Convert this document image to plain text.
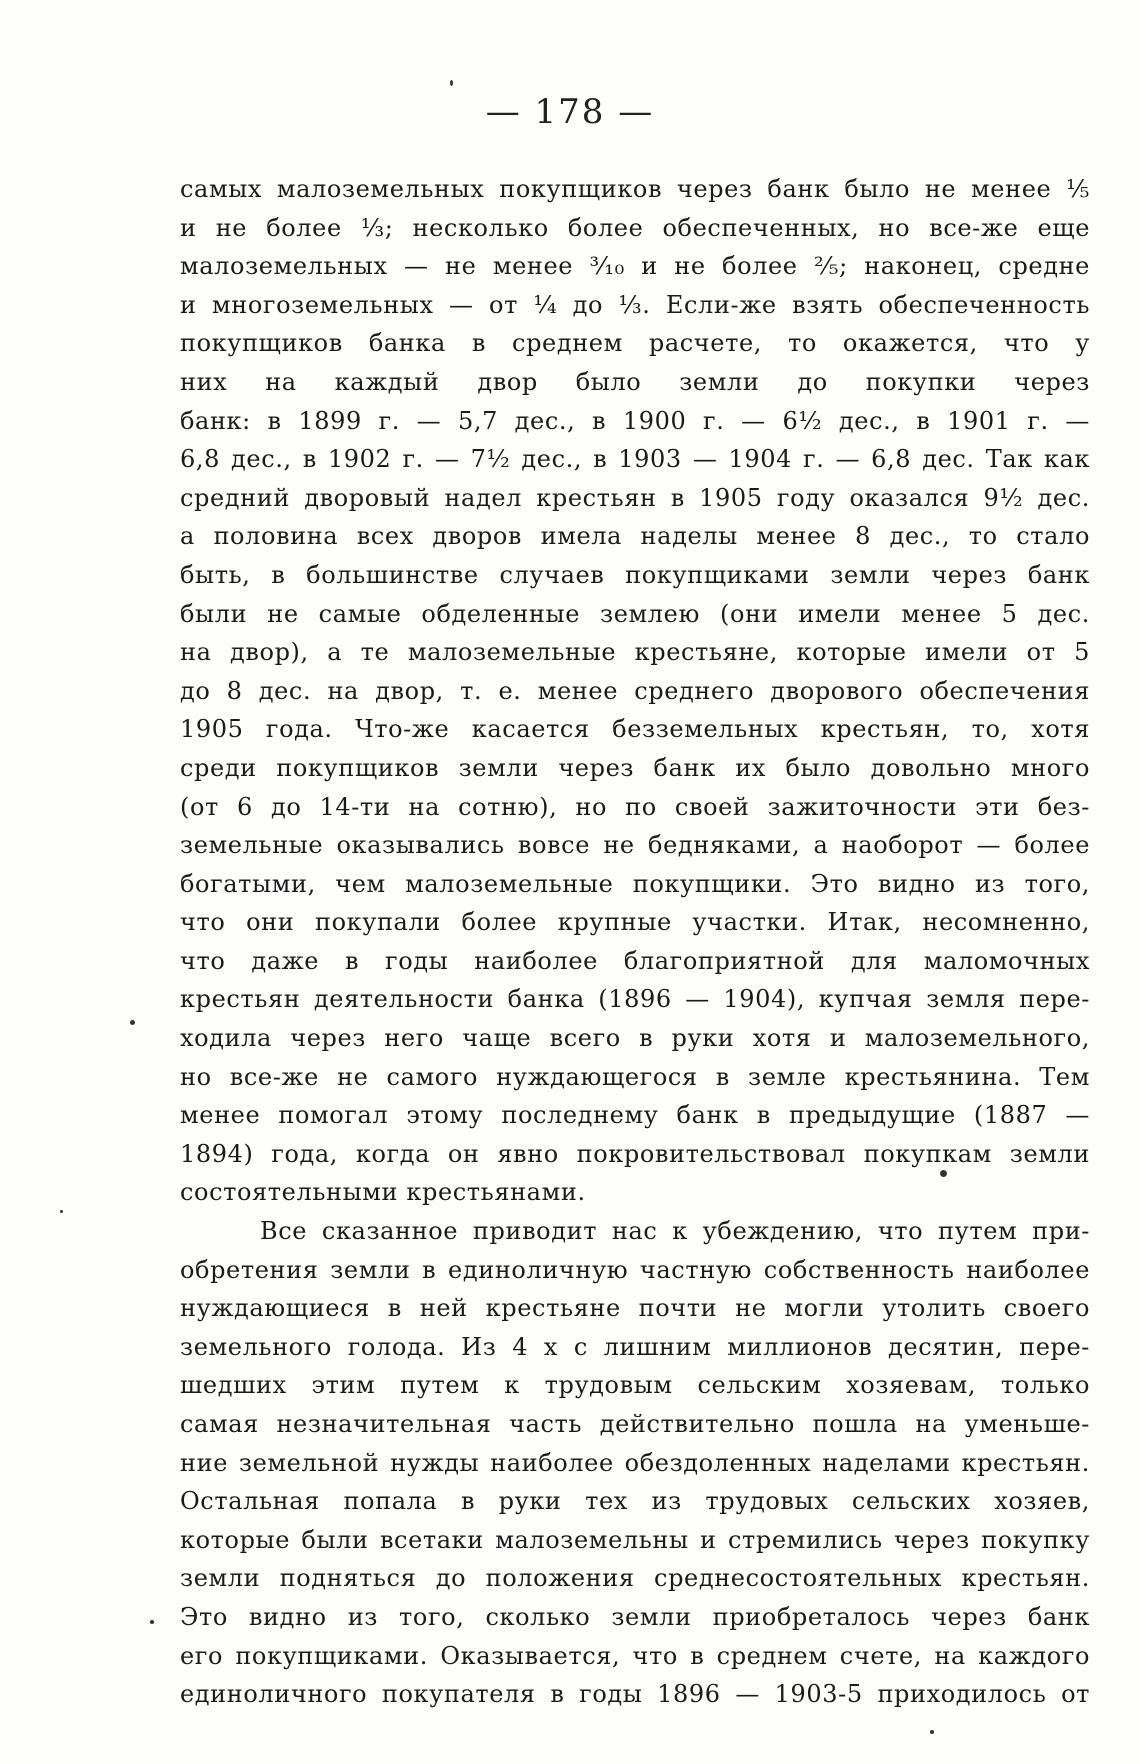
— 178 —
самых малоземельных покупщиков через банк было не менее ⅕
и не более ⅓; несколько более обеспеченных, но все-же еще
малоземельных — не менее ³⁄₁₀ и не более ²⁄₅; наконец, средне
и многоземельных — от ¼ до ⅓. Если-же взять обеспеченность
покупщиков банка в среднем расчете, то окажется, что у
них на каждый двор было земли до покупки через
банк: в 1899 г. — 5,7 дес., в 1900 г. — 6½ дес., в 1901 г. —
6,8 дес., в 1902 г. — 7½ дес., в 1903 — 1904 г. — 6,8 дес. Так как
средний дворовый надел крестьян в 1905 году оказался 9½ дес.
а половина всех дворов имела наделы менее 8 дес., то стало
быть, в большинстве случаев покупщиками земли через банк
были не самые обделенные землею (они имели менее 5 дес.
на двор), а те малоземельные крестьяне, которые имели от 5
до 8 дес. на двор, т. е. менее среднего дворового обеспечения
1905 года. Что-же касается безземельных крестьян, то, хотя
среди покупщиков земли через банк их было довольно много
(от 6 до 14-ти на сотню), но по своей зажиточности эти без-
земельные оказывались вовсе не бедняками, а наоборот — более
богатыми, чем малоземельные покупщики. Это видно из того,
что они покупали более крупные участки. Итак, несомненно,
что даже в годы наиболее благоприятной для маломочных
крестьян деятельности банка (1896 — 1904), купчая земля пере-
ходила через него чаще всего в руки хотя и малоземельного,
но все-же не самого нуждающегося в земле крестьянина. Тем
менее помогал этому последнему банк в предыдущие (1887 —
1894) года, когда он явно покровительствовал покупкам земли
состоятельными крестьянами.
Все сказанное приводит нас к убеждению, что путем при-
обретения земли в единоличную частную собственность наиболее
нуждающиеся в ней крестьяне почти не могли утолить своего
земельного голода. Из 4 х с лишним миллионов десятин, пере-
шедших этим путем к трудовым сельским хозяевам, только
самая незначительная часть действительно пошла на уменьше-
ние земельной нужды наиболее обездоленных наделами крестьян.
Остальная попала в руки тех из трудовых сельских хозяев,
которые были всетаки малоземельны и стремились через покупку
земли подняться до положения среднесостоятельных крестьян.
Это видно из того, сколько земли приобреталось через банк
его покупщиками. Оказывается, что в среднем счете, на каждого
единоличного покупателя в годы 1896 — 1903-5 приходилось от
